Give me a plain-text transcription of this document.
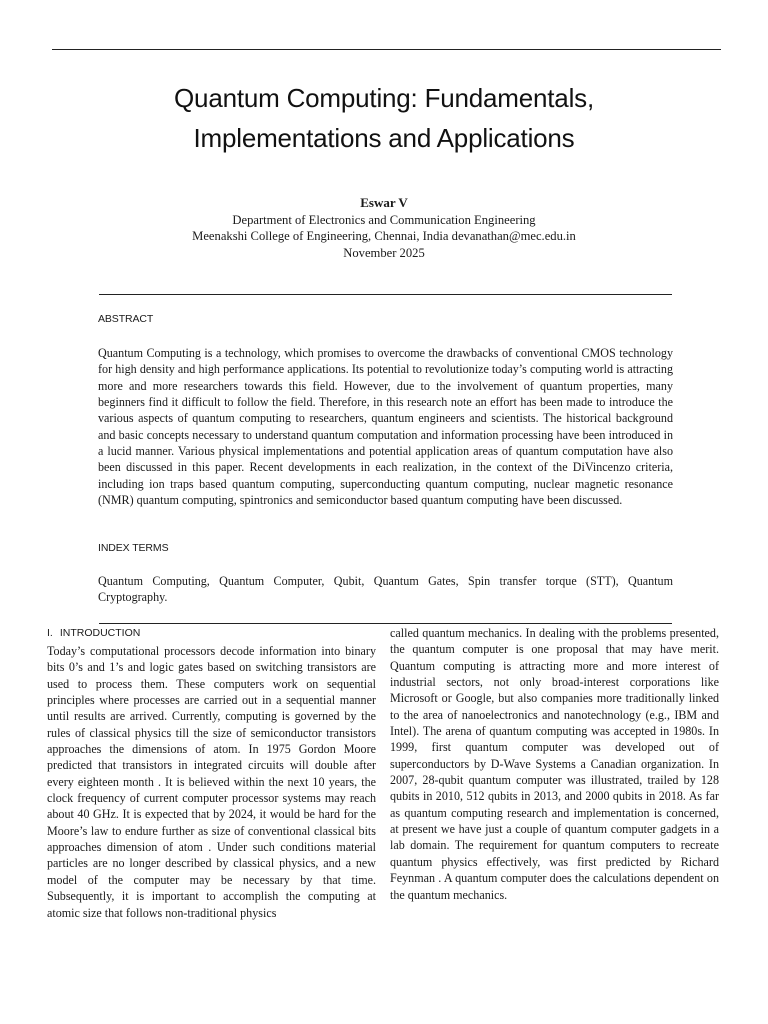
Quantum Computing: Fundamentals,
Implementations and Applications
Eswar V
Department of Electronics and Communication Engineering
Meenakshi College of Engineering, Chennai, India devanathan@mec.edu.in
November 2025
ABSTRACT

Quantum Computing is a technology, which promises to overcome the drawbacks of conventional CMOS technology for high density and high performance applications. Its potential to revolutionize today’s computing world is attracting more and more researchers towards this field. However, due to the involvement of quantum properties, many beginners find it difficult to follow the field. Therefore, in this research note an effort has been made to introduce the various aspects of quantum computing to researchers, quantum engineers and scientists. The historical background and basic concepts necessary to understand quantum computation and information processing have been introduced in a lucid manner. Various physical implementations and potential application areas of quantum computation have also been discussed in this paper. Recent developments in each realization, in the context of the DiVincenzo criteria, including ion traps based quantum computing, superconducting quantum computing, nuclear magnetic resonance (NMR) quantum computing, spintronics and semiconductor based quantum computing have been discussed.

INDEX TERMS

Quantum Computing, Quantum Computer, Qubit, Quantum Gates, Spin transfer torque (STT), Quantum Cryptography.

I. INTRODUCTION

Today’s computational processors decode information into binary bits 0’s and 1’s and logic gates based on switching transistors are used to process them. These computers work on sequential principles where processes are carried out in a sequential manner until results are arrived. Currently, computing is governed by the rules of classical physics till the size of semiconductor transistors approaches the dimensions of atom. In 1975 Gordon Moore predicted that transistors in integrated circuits will double after every eighteen month . It is believed within the next 10 years, the clock frequency of current computer processor systems may reach about 40 GHz. It is expected that by 2024, it would be hard for the Moore’s law to endure further as size of conventional classical bits approaches dimension of atom . Under such conditions material particles are no longer described by classical physics, and a new model of the computer may be necessary by that time. Subsequently, it is important to accomplish the computing at atomic size that follows non-traditional physics

called quantum mechanics. In dealing with the problems presented, the quantum computer is one proposal that may have merit. Quantum computing is attracting more and more interest of industrial sectors, not only broad-interest corporations like Microsoft or Google, but also companies more traditionally linked to the area of nanoelectronics and nanotechnology (e.g., IBM and Intel). The arena of quantum computing was accepted in 1980s. In 1999, first quantum computer was developed out of superconductors by D-Wave Systems a Canadian organization. In 2007, 28-qubit quantum computer was illustrated, trailed by 128 qubits in 2010, 512 qubits in 2013, and 2000 qubits in 2018. As far as quantum computing research and implementation is concerned, at present we have just a couple of quantum computer gadgets in a lab domain. The requirement for quantum computers to recreate quantum physics effectively, was first predicted by Richard Feynman . A quantum computer does the calculations dependent on the quantum mechanics.
